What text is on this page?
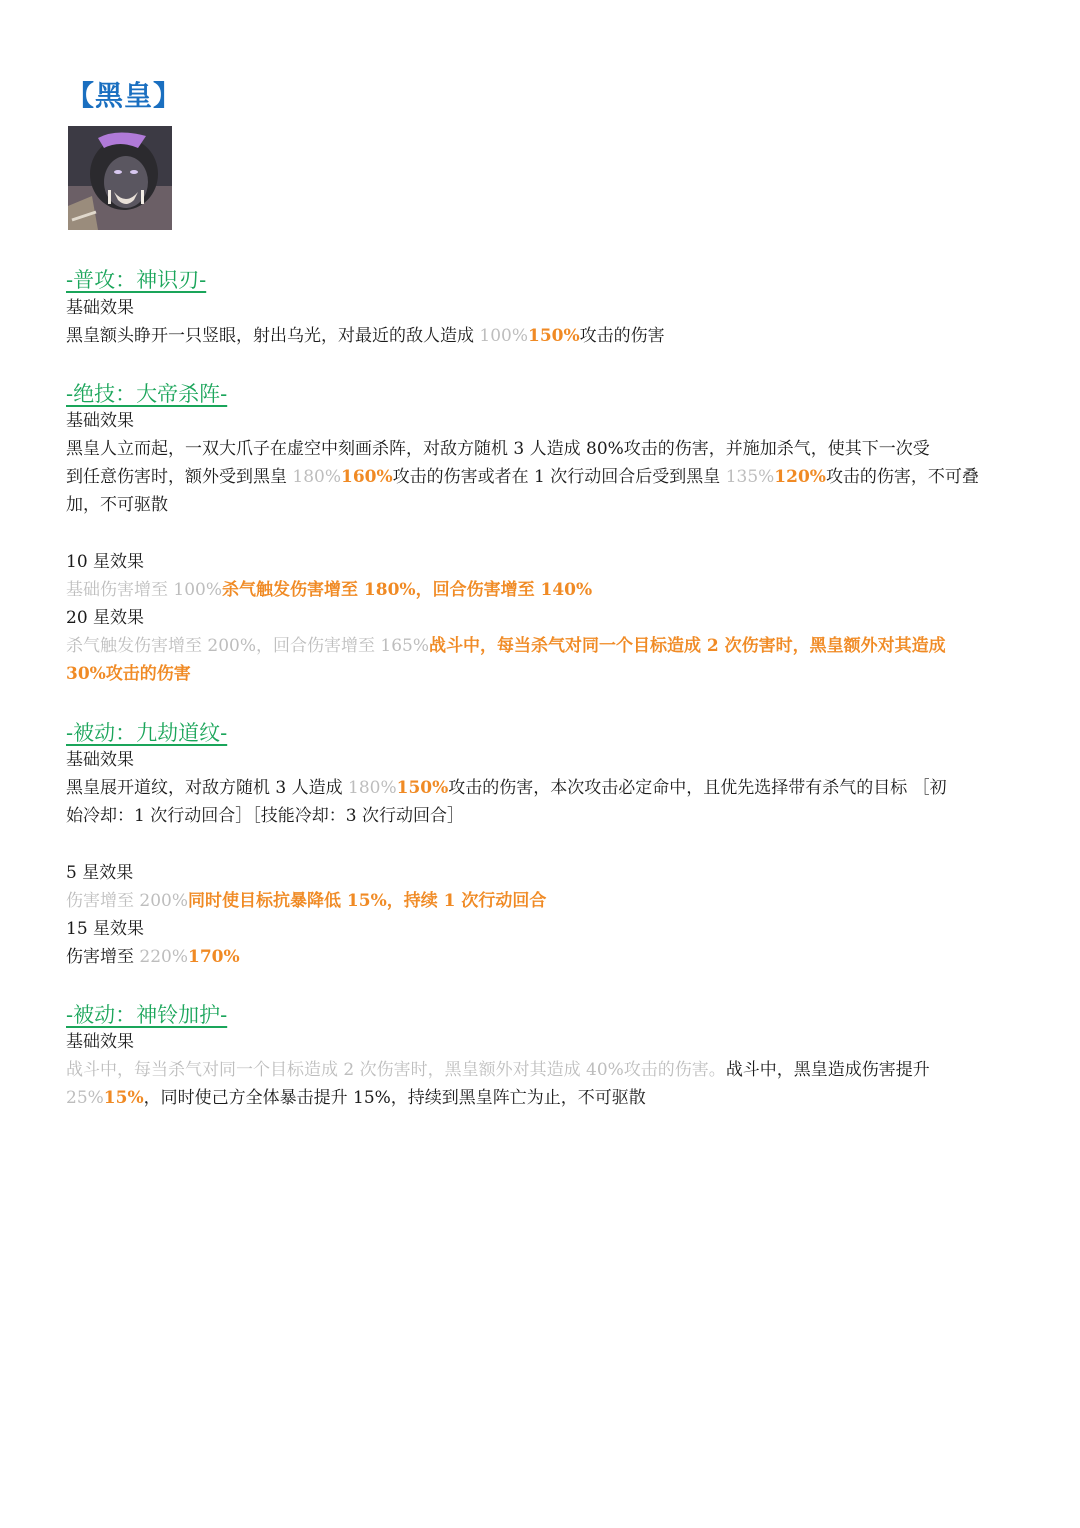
【黑皇】
-普攻：神识刃-
基础效果
黑皇额头睁开一只竖眼，射出乌光，对最近的敌人造成 100%150%攻击的伤害
-绝技：大帝杀阵-
基础效果
黑皇人立而起，一双大爪子在虚空中刻画杀阵，对敌方随机 3 人造成 80%攻击的伤害，并施加杀气，使其下一次受
到任意伤害时，额外受到黑皇 180%160%攻击的伤害或者在 1 次行动回合后受到黑皇 135%120%攻击的伤害，不可叠
加，不可驱散
10 星效果
基础伤害增至 100%杀气触发伤害增至 180%，回合伤害增至 140%
20 星效果
杀气触发伤害增至 200%，回合伤害增至 165%战斗中，每当杀气对同一个目标造成 2 次伤害时，黑皇额外对其造成
30%攻击的伤害
-被动：九劫道纹-
基础效果
黑皇展开道纹，对敌方随机 3 人造成 180%150%攻击的伤害，本次攻击必定命中，且优先选择带有杀气的目标 ［初
始冷却：1 次行动回合］［技能冷却：3 次行动回合］
5 星效果
伤害增至 200%同时使目标抗暴降低 15%，持续 1 次行动回合
15 星效果
伤害增至 220%170%
-被动：神铃加护-
基础效果
战斗中，每当杀气对同一个目标造成 2 次伤害时，黑皇额外对其造成 40%攻击的伤害。战斗中，黑皇造成伤害提升
25%15%，同时使己方全体暴击提升 15%，持续到黑皇阵亡为止，不可驱散
